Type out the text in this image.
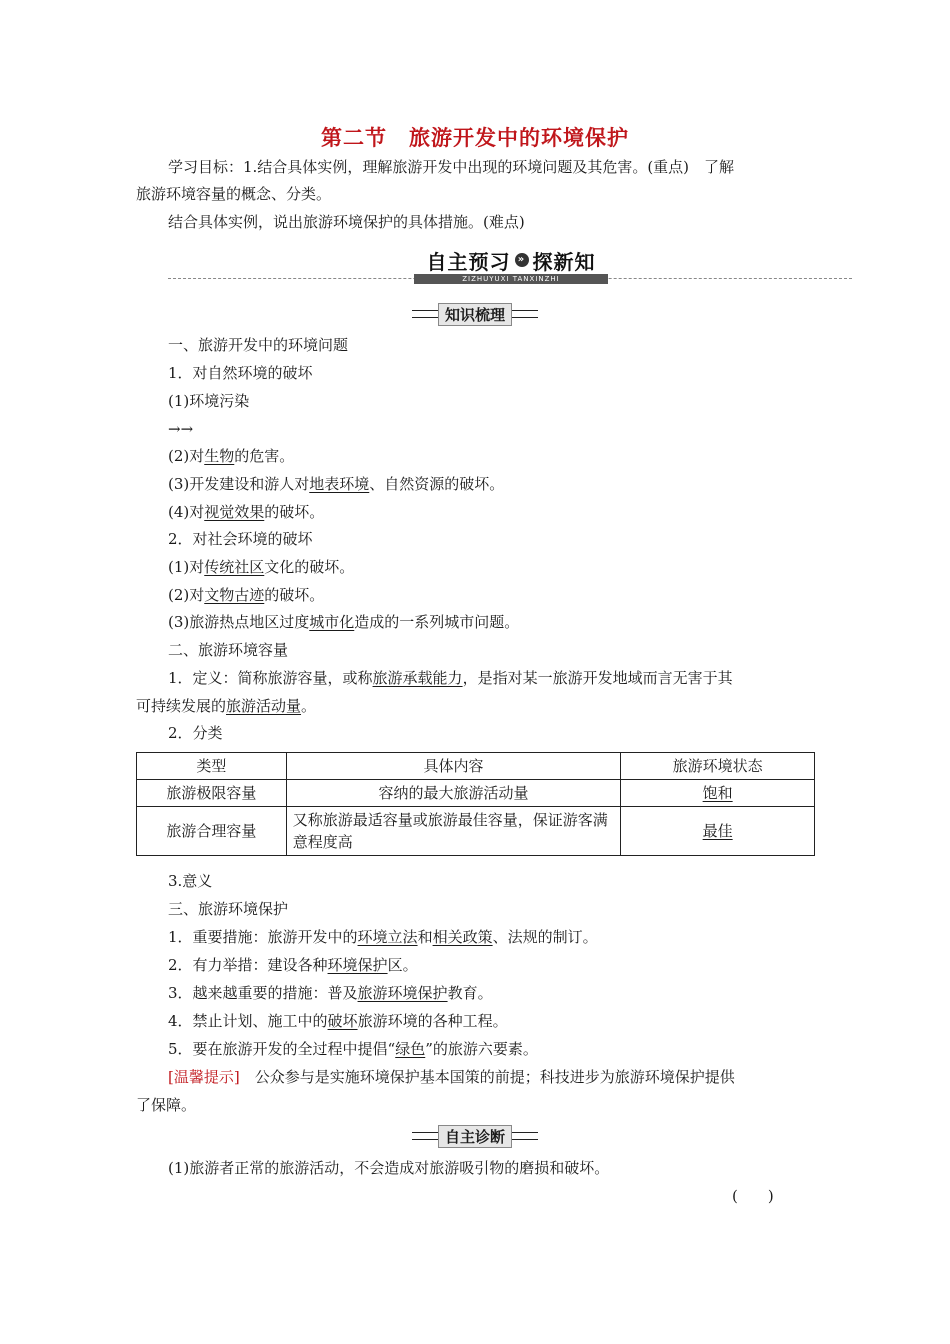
第二节　旅游开发中的环境保护
学习目标：1.结合具体实例，理解旅游开发中出现的环境问题及其危害。(重点)　了解
旅游环境容量的概念、分类。
结合具体实例，说出旅游环境保护的具体措施。(难点)
自主预习 » 探新知
ZIZHUYUXI TANXINZHI
知识梳理
一、旅游开发中的环境问题
1．对自然环境的破坏
(1)环境污染
→→
(2)对生物的危害。
(3)开发建设和游人对地表环境、自然资源的破坏。
(4)对视觉效果的破坏。
2．对社会环境的破坏
(1)对传统社区文化的破坏。
(2)对文物古迹的破坏。
(3)旅游热点地区过度城市化造成的一系列城市问题。
二、旅游环境容量
1．定义：简称旅游容量，或称旅游承载能力，是指对某一旅游开发地域而言无害于其
可持续发展的旅游活动量。
2．分类
类型	具体内容	旅游环境状态
旅游极限容量	容纳的最大旅游活动量	饱和
旅游合理容量	又称旅游最适容量或旅游最佳容量，保证游客满意程度高	最佳
3.意义
三、旅游环境保护
1．重要措施：旅游开发中的环境立法和相关政策、法规的制订。
2．有力举措：建设各种环境保护区。
3．越来越重要的措施：普及旅游环境保护教育。
4．禁止计划、施工中的破坏旅游环境的各种工程。
5．要在旅游开发的全过程中提倡“绿色”的旅游六要素。
[温馨提示]　公众参与是实施环境保护基本国策的前提；科技进步为旅游环境保护提供
了保障。
自主诊断
(1)旅游者正常的旅游活动，不会造成对旅游吸引物的磨损和破坏。
(　　)
